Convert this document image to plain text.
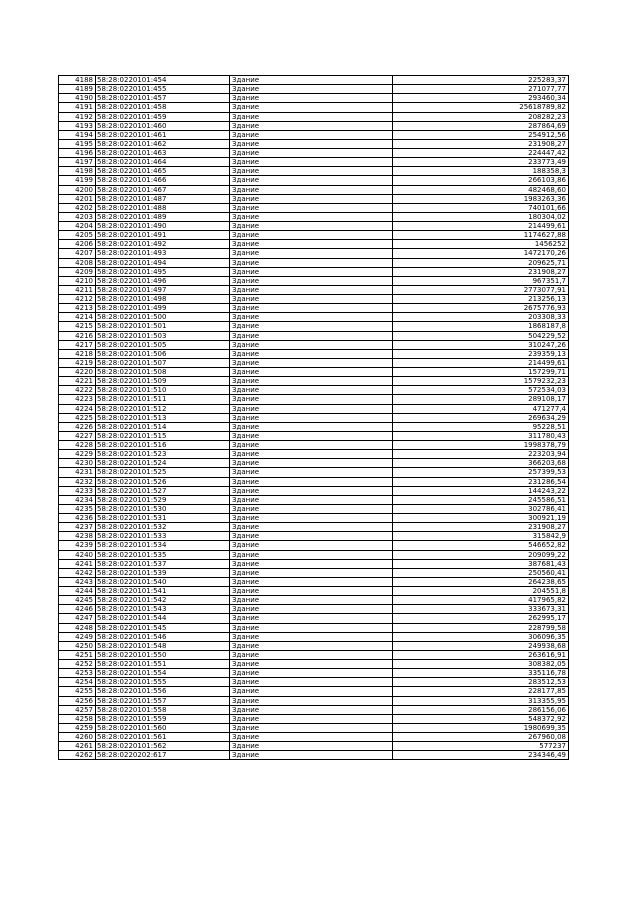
4188	58:28:0220101:454	Здание	225283,37
4189	58:28:0220101:455	Здание	271077,77
4190	58:28:0220101:457	Здание	293460,34
4191	58:28:0220101:458	Здание	25618789,82
4192	58:28:0220101:459	Здание	208282,23
4193	58:28:0220101:460	Здание	287864,69
4194	58:28:0220101:461	Здание	254912,56
4195	58:28:0220101:462	Здание	231908,27
4196	58:28:0220101:463	Здание	224447,42
4197	58:28:0220101:464	Здание	233773,49
4198	58:28:0220101:465	Здание	188358,3
4199	58:28:0220101:466	Здание	266103,86
4200	58:28:0220101:467	Здание	482468,60
4201	58:28:0220101:487	Здание	1983263,36
4202	58:28:0220101:488	Здание	740101,66
4203	58:28:0220101:489	Здание	180304,02
4204	58:28:0220101:490	Здание	214499,61
4205	58:28:0220101:491	Здание	1174627,88
4206	58:28:0220101:492	Здание	1456252
4207	58:28:0220101:493	Здание	1472170,26
4208	58:28:0220101:494	Здание	209625,71
4209	58:28:0220101:495	Здание	231908,27
4210	58:28:0220101:496	Здание	967351,7
4211	58:28:0220101:497	Здание	2773077,91
4212	58:28:0220101:498	Здание	213256,13
4213	58:28:0220101:499	Здание	2675776,93
4214	58:28:0220101:500	Здание	203308,33
4215	58:28:0220101:501	Здание	1868187,8
4216	58:28:0220101:503	Здание	504229,52
4217	58:28:0220101:505	Здание	310247,26
4218	58:28:0220101:506	Здание	239359,13
4219	58:28:0220101:507	Здание	214499,61
4220	58:28:0220101:508	Здание	157299,71
4221	58:28:0220101:509	Здание	1579232,23
4222	58:28:0220101:510	Здание	572534,03
4223	58:28:0220101:511	Здание	289108,17
4224	58:28:0220101:512	Здание	471277,4
4225	58:28:0220101:513	Здание	269634,29
4226	58:28:0220101:514	Здание	95228,51
4227	58:28:0220101:515	Здание	311780,43
4228	58:28:0220101:516	Здание	1998378,79
4229	58:28:0220101:523	Здание	223203,94
4230	58:28:0220101:524	Здание	366203,68
4231	58:28:0220101:525	Здание	257399,53
4232	58:28:0220101:526	Здание	231286,54
4233	58:28:0220101:527	Здание	144243,22
4234	58:28:0220101:529	Здание	245586,51
4235	58:28:0220101:530	Здание	302786,41
4236	58:28:0220101:531	Здание	300921,19
4237	58:28:0220101:532	Здание	231908,27
4238	58:28:0220101:533	Здание	315842,9
4239	58:28:0220101:534	Здание	546652,82
4240	58:28:0220101:535	Здание	209099,22
4241	58:28:0220101:537	Здание	387681,43
4242	58:28:0220101:539	Здание	250560,41
4243	58:28:0220101:540	Здание	264238,65
4244	58:28:0220101:541	Здание	204551,8
4245	58:28:0220101:542	Здание	417965,82
4246	58:28:0220101:543	Здание	333673,31
4247	58:28:0220101:544	Здание	262995,17
4248	58:28:0220101:545	Здание	228799,58
4249	58:28:0220101:546	Здание	306096,35
4250	58:28:0220101:548	Здание	249938,68
4251	58:28:0220101:550	Здание	263616,91
4252	58:28:0220101:551	Здание	308382,05
4253	58:28:0220101:554	Здание	335116,78
4254	58:28:0220101:555	Здание	283512,53
4255	58:28:0220101:556	Здание	228177,85
4256	58:28:0220101:557	Здание	313355,95
4257	58:28:0220101:558	Здание	286156,06
4258	58:28:0220101:559	Здание	548372,92
4259	58:28:0220101:560	Здание	1980699,35
4260	58:28:0220101:561	Здание	267960,08
4261	58:28:0220101:562	Здание	577237
4262	58:28:0220202:617	Здание	234346,49
